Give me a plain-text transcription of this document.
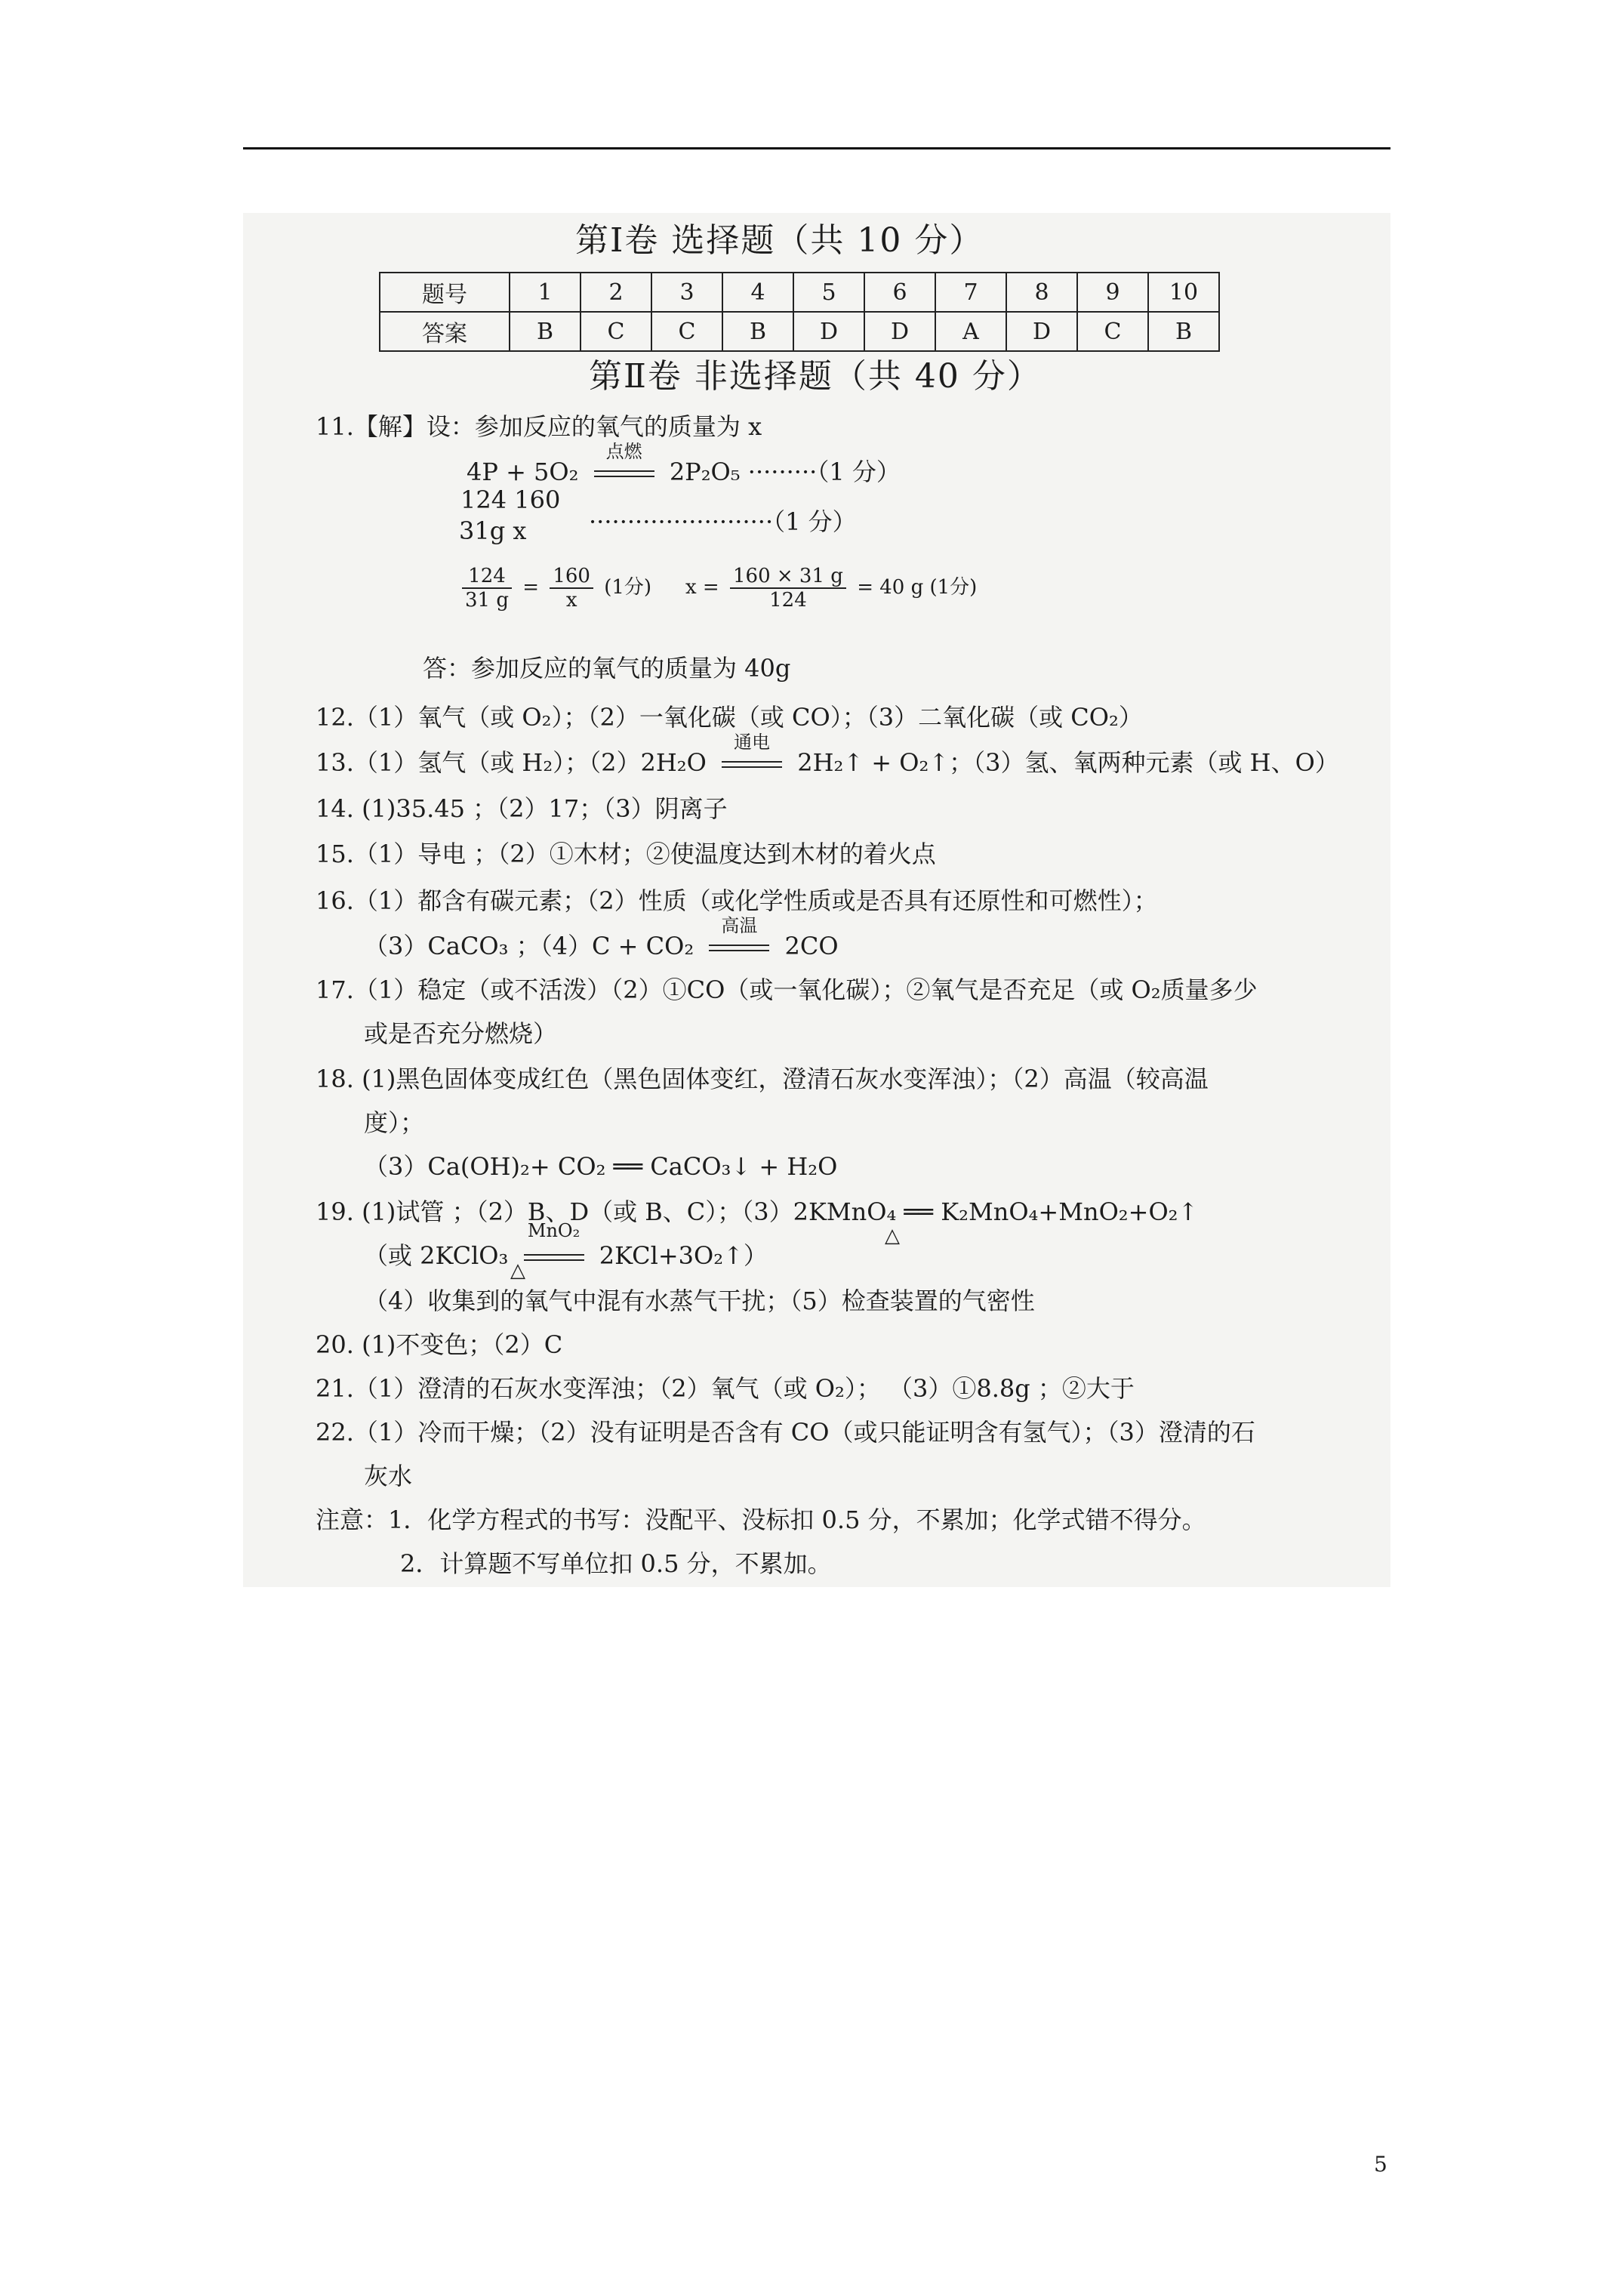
第Ⅰ卷 选择题（共 10 分）
题号	1	2	3	4	5	6	7	8	9	10
答案	B	C	C	B	D	D	A	D	C	B
第Ⅱ卷 非选择题（共 40 分）
11.【解】设：参加反应的氧气的质量为 x
4P + 5O₂
点燃
2P₂O₅ ·········（1 分）
124 160
31g x	························（1 分）
$\frac{124}{31 g} = \frac{160}{x} (1$分) $x = \frac{160 \times 31 g}{124} = 40$ g (1分)
答：参加反应的氧气的质量为 40g
12.（1）氧气（或 O₂）；（2）一氧化碳（或 CO）；（3）二氧化碳（或 CO₂）
13.（1）氢气（或 H₂）；（2）2H₂O
通电
2H₂↑ + O₂↑；（3）氢、氧两种元素（或 H、O）
14. (1)35.45 ；（2）17；（3）阴离子
15.（1）导电 ；（2）①木材；②使温度达到木材的着火点
16.（1）都含有碳元素；（2）性质（或化学性质或是否具有还原性和可燃性）；
（3）CaCO₃ ；（4）C + CO₂
高温
2CO
17.（1）稳定（或不活泼）（2）①CO（或一氧化碳）；②氧气是否充足（或 O₂质量多少
或是否充分燃烧）
18. (1)黑色固体变成红色（黑色固体变红，澄清石灰水变浑浊）；（2）高温（较高温
度）；
（3）Ca(OH)₂+ CO₂ ══ CaCO₃↓ + H₂O
19. (1)试管 ；（2）B、D（或 B、C）；（3）2KMnO₄ ══ K₂MnO₄+MnO₂+O₂↑
△
（或 2KClO₃
MnO₂
2KCl+3O₂↑）
△
（4）收集到的氧气中混有水蒸气干扰；（5）检查装置的气密性
20. (1)不变色；（2）C
21.（1）澄清的石灰水变浑浊；（2）氧气（或 O₂）； （3）①8.8g ；②大于
22.（1）冷而干燥；（2）没有证明是否含有 CO（或只能证明含有氢气）；（3）澄清的石
灰水
注意：1．化学方程式的书写：没配平、没标扣 0.5 分，不累加；化学式错不得分。
2．计算题不写单位扣 0.5 分，不累加。
5
